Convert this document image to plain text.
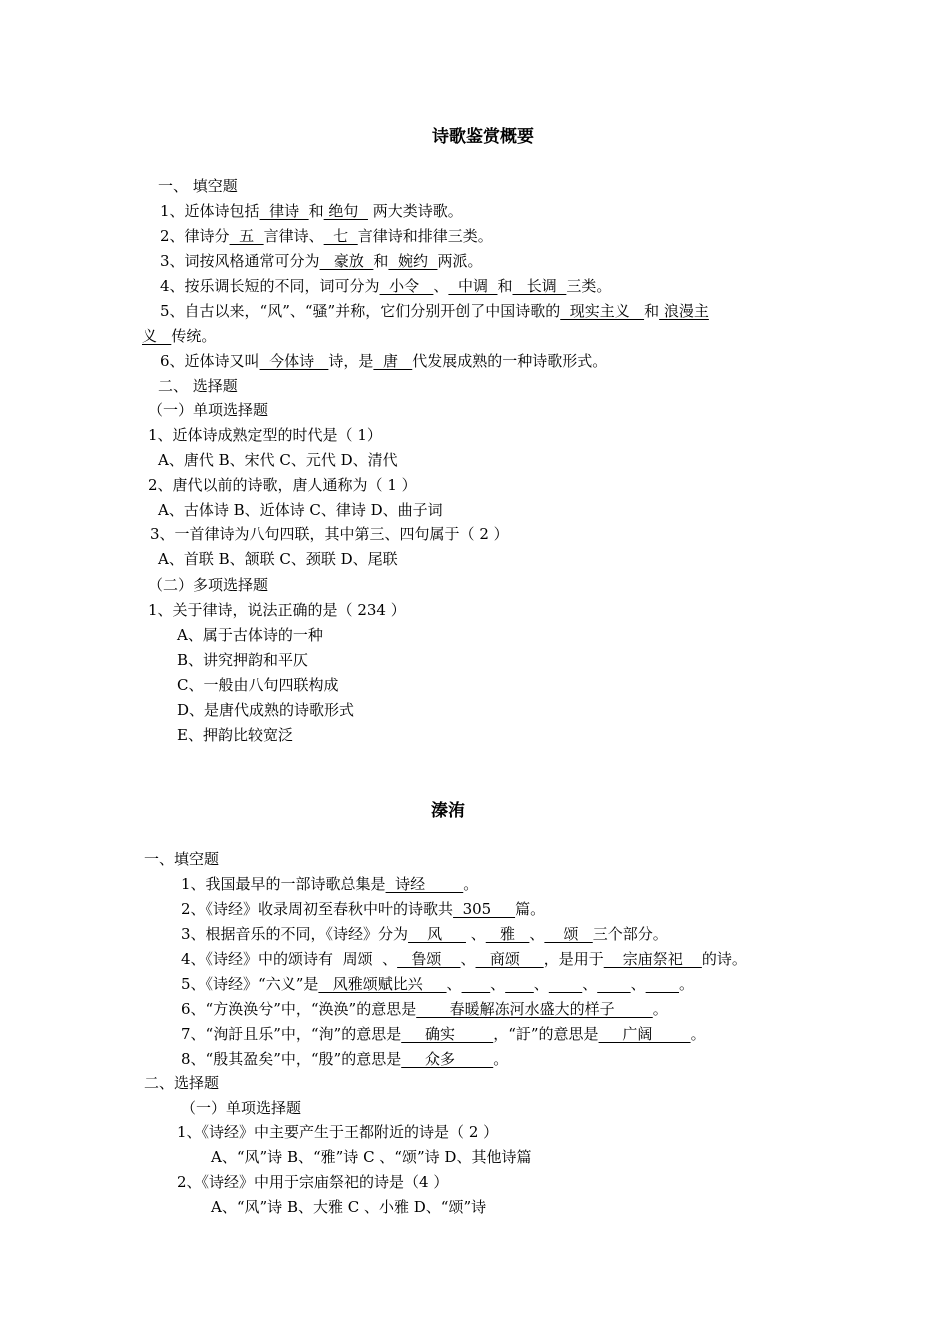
诗歌鉴赏概要
一、 填空题
1、近体诗包括  律诗  和 绝句   两大类诗歌。
2、律诗分  五  言律诗、  七  言律诗和排律三类。
3、词按风格通常可分为   豪放  和  婉约  两派。
4、按乐调长短的不同，词可分为  小令   、  中调  和   长调  三类。
5、自古以来，“风”、“骚”并称，它们分别开创了中国诗歌的  现实主义   和 浪漫主
义   传统。
6、近体诗又叫  今体诗   诗，是  唐   代发展成熟的一种诗歌形式。
二、 选择题
（一）单项选择题
1、近体诗成熟定型的时代是（ 1）
A、唐代 B、宋代 C、元代 D、清代
2、唐代以前的诗歌，唐人通称为（ 1 ）
A、古体诗 B、近体诗 C、律诗 D、曲子词
3、一首律诗为八句四联，其中第三、四句属于（ 2 ）
A、首联 B、颔联 C、颈联 D、尾联
（二）多项选择题
1、关于律诗，说法正确的是（ 234 ）
A、属于古体诗的一种
B、讲究押韵和平仄
C、一般由八句四联构成
D、是唐代成熟的诗歌形式
E、押韵比较宽泛
溱洧
一、填空题
1、我国最早的一部诗歌总集是  诗经        。
2、《诗经》收录周初至春秋中叶的诗歌共  305     篇。
3、根据音乐的不同，《诗经》分为    风      、   雅   、    颂   三个部分。
4、《诗经》中的颂诗有  周颂  、   鲁颂    、   商颂     ，是用于    宗庙祭祀    的诗。
5、《诗经》“六义”是   风雅颂赋比兴     、 、 、 、 、 。
6、“方涣涣兮”中，“涣涣”的意思是       春暖解冻河水盛大的样子        。
7、“洵訏且乐”中，“洵”的意思是     确实        ，“訏”的意思是     广阔        。
8、“殷其盈矣”中，“殷”的意思是     众多        。
二、选择题
（一）单项选择题
1、《诗经》中主要产生于王都附近的诗是（ 2 ）
A、“风”诗 B、“雅”诗 C 、“颂”诗 D、其他诗篇
2、《诗经》中用于宗庙祭祀的诗是（4 ）
A、“风”诗 B、大雅 C 、小雅 D、“颂”诗
